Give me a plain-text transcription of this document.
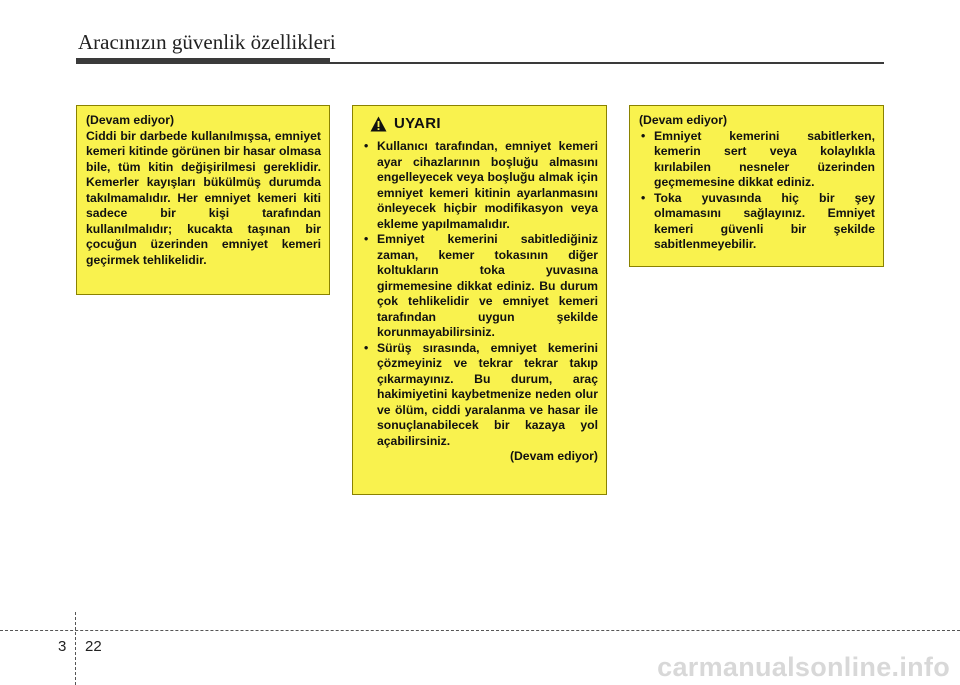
Aracınızın güvenlik özellikleri
(Devam ediyor)

Ciddi bir darbede kullanılmışsa, emniyet kemeri kitinde görünen bir hasar olmasa bile, tüm kitin değişirilmesi gereklidir. Kemerler kayışları bükülmüş durumda takılmamalıdır. Her emniyet kemeri kiti sadece bir kişi tarafından kullanılmalıdır; kucakta taşınan bir çocuğun üzerinden emniyet kemeri geçirmek tehlikelidir.

UYARI
• Kullanıcı tarafından, emniyet kemeri ayar cihazlarının boşluğu almasını engelleyecek veya boşluğu almak için emniyet kemeri kitinin ayarlanmasını önleyecek hiçbir modifikasyon veya ekleme yapılmamalıdır.
• Emniyet kemerini sabitlediğiniz zaman, kemer tokasının diğer koltukların toka yuvasına girmemesine dikkat ediniz. Bu durum çok tehlikelidir ve emniyet kemeri tarafından uygun şekilde korunmayabilirsiniz.
• Sürüş sırasında, emniyet kemerini çözmeyiniz ve tekrar tekrar takıp çıkarmayınız. Bu durum, araç hakimiyetini kaybetmenize neden olur ve ölüm, ciddi yaralanma ve hasar ile sonuçlanabilecek bir kazaya yol açabilirsiniz.
(Devam ediyor)
(Devam ediyor)
• Emniyet kemerini sabitlerken, kemerin sert veya kolaylıkla kırılabilen nesneler üzerinden geçmemesine dikkat ediniz.
• Toka yuvasında hiç bir şey olmamasını sağlayınız. Emniyet kemeri güvenli bir şekilde sabitlenmeyebilir.
3 22
carmanualsonline.info
